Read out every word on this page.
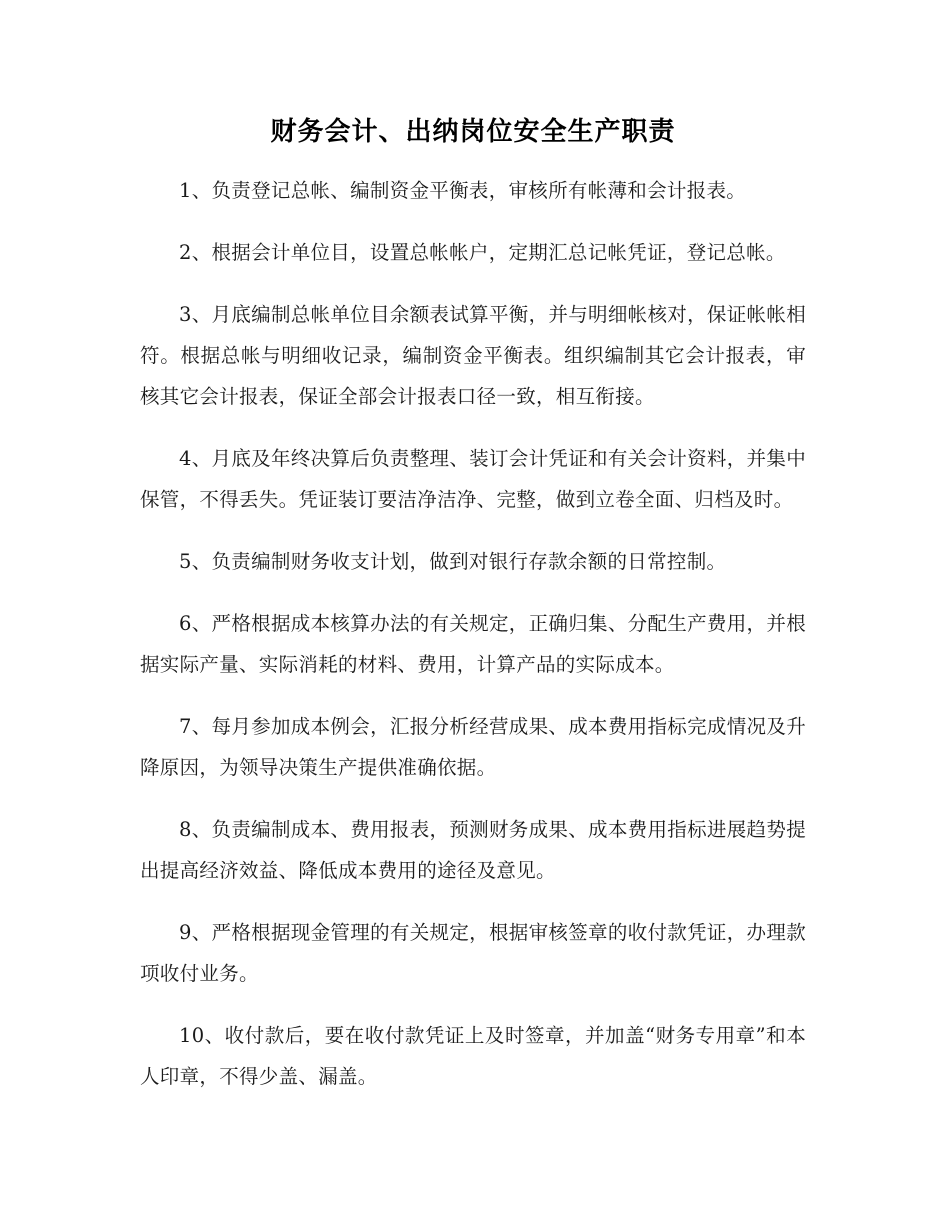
财务会计、出纳岗位安全生产职责

1、负责登记总帐、编制资金平衡表，审核所有帐薄和会计报表。

2、根据会计单位目，设置总帐帐户，定期汇总记帐凭证，登记总帐。

3、月底编制总帐单位目余额表试算平衡，并与明细帐核对，保证帐帐相符。根据总帐与明细收记录，编制资金平衡表。组织编制其它会计报表，审核其它会计报表，保证全部会计报表口径一致，相互衔接。

4、月底及年终决算后负责整理、装订会计凭证和有关会计资料，并集中保管，不得丢失。凭证装订要洁净洁净、完整，做到立卷全面、归档及时。

5、负责编制财务收支计划，做到对银行存款余额的日常控制。

6、严格根据成本核算办法的有关规定，正确归集、分配生产费用，并根据实际产量、实际消耗的材料、费用，计算产品的实际成本。

7、每月参加成本例会，汇报分析经营成果、成本费用指标完成情况及升降原因，为领导决策生产提供准确依据。

8、负责编制成本、费用报表，预测财务成果、成本费用指标进展趋势提出提高经济效益、降低成本费用的途径及意见。

9、严格根据现金管理的有关规定，根据审核签章的收付款凭证，办理款项收付业务。

10、收付款后，要在收付款凭证上及时签章，并加盖“财务专用章”和本人印章，不得少盖、漏盖。
